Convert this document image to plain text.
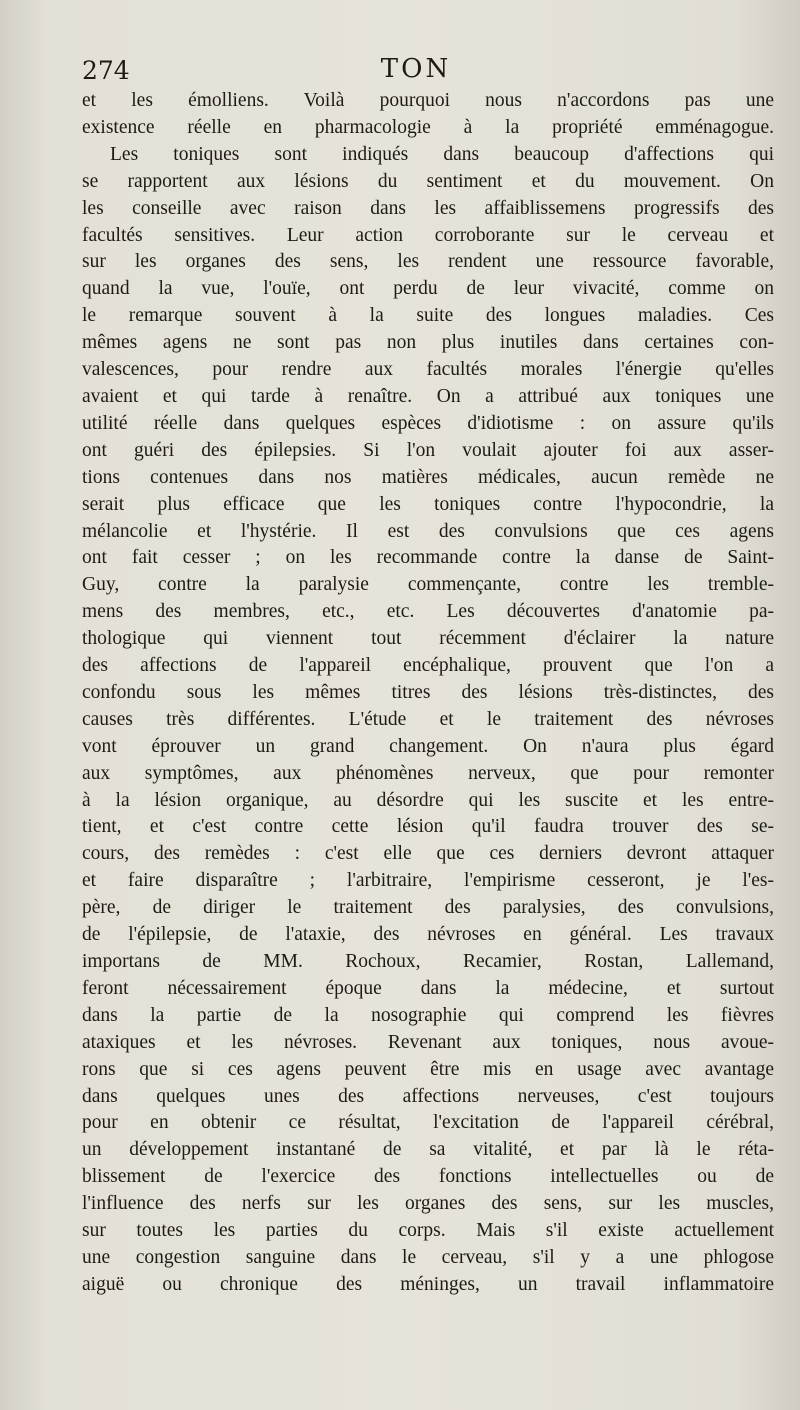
274	TON
et les émolliens. Voilà pourquoi nous n'accordons pas une
existence réelle en pharmacologie à la propriété emménagogue.
Les toniques sont indiqués dans beaucoup d'affections qui
se rapportent aux lésions du sentiment et du mouvement. On
les conseille avec raison dans les affaiblissemens progressifs des
facultés sensitives. Leur action corroborante sur le cerveau et
sur les organes des sens, les rendent une ressource favorable,
quand la vue, l'ouïe, ont perdu de leur vivacité, comme on
le remarque souvent à la suite des longues maladies. Ces
mêmes agens ne sont pas non plus inutiles dans certaines con-
valescences, pour rendre aux facultés morales l'énergie qu'elles
avaient et qui tarde à renaître. On a attribué aux toniques une
utilité réelle dans quelques espèces d'idiotisme : on assure qu'ils
ont guéri des épilepsies. Si l'on voulait ajouter foi aux asser-
tions contenues dans nos matières médicales, aucun remède ne
serait plus efficace que les toniques contre l'hypocondrie, la
mélancolie et l'hystérie. Il est des convulsions que ces agens
ont fait cesser ; on les recommande contre la danse de Saint-
Guy, contre la paralysie commençante, contre les tremble-
mens des membres, etc., etc. Les découvertes d'anatomie pa-
thologique qui viennent tout récemment d'éclairer la nature
des affections de l'appareil encéphalique, prouvent que l'on a
confondu sous les mêmes titres des lésions très-distinctes, des
causes très différentes. L'étude et le traitement des névroses
vont éprouver un grand changement. On n'aura plus égard
aux symptômes, aux phénomènes nerveux, que pour remonter
à la lésion organique, au désordre qui les suscite et les entre-
tient, et c'est contre cette lésion qu'il faudra trouver des se-
cours, des remèdes : c'est elle que ces derniers devront attaquer
et faire disparaître ; l'arbitraire, l'empirisme cesseront, je l'es-
père, de diriger le traitement des paralysies, des convulsions,
de l'épilepsie, de l'ataxie, des névroses en général. Les travaux
importans de MM. Rochoux, Recamier, Rostan, Lallemand,
feront nécessairement époque dans la médecine, et surtout
dans la partie de la nosographie qui comprend les fièvres
ataxiques et les névroses. Revenant aux toniques, nous avoue-
rons que si ces agens peuvent être mis en usage avec avantage
dans quelques unes des affections nerveuses, c'est toujours
pour en obtenir ce résultat, l'excitation de l'appareil cérébral,
un développement instantané de sa vitalité, et par là le réta-
blissement de l'exercice des fonctions intellectuelles ou de
l'influence des nerfs sur les organes des sens, sur les muscles,
sur toutes les parties du corps. Mais s'il existe actuellement
une congestion sanguine dans le cerveau, s'il y a une phlogose
aiguë ou chronique des méninges, un travail inflammatoire
